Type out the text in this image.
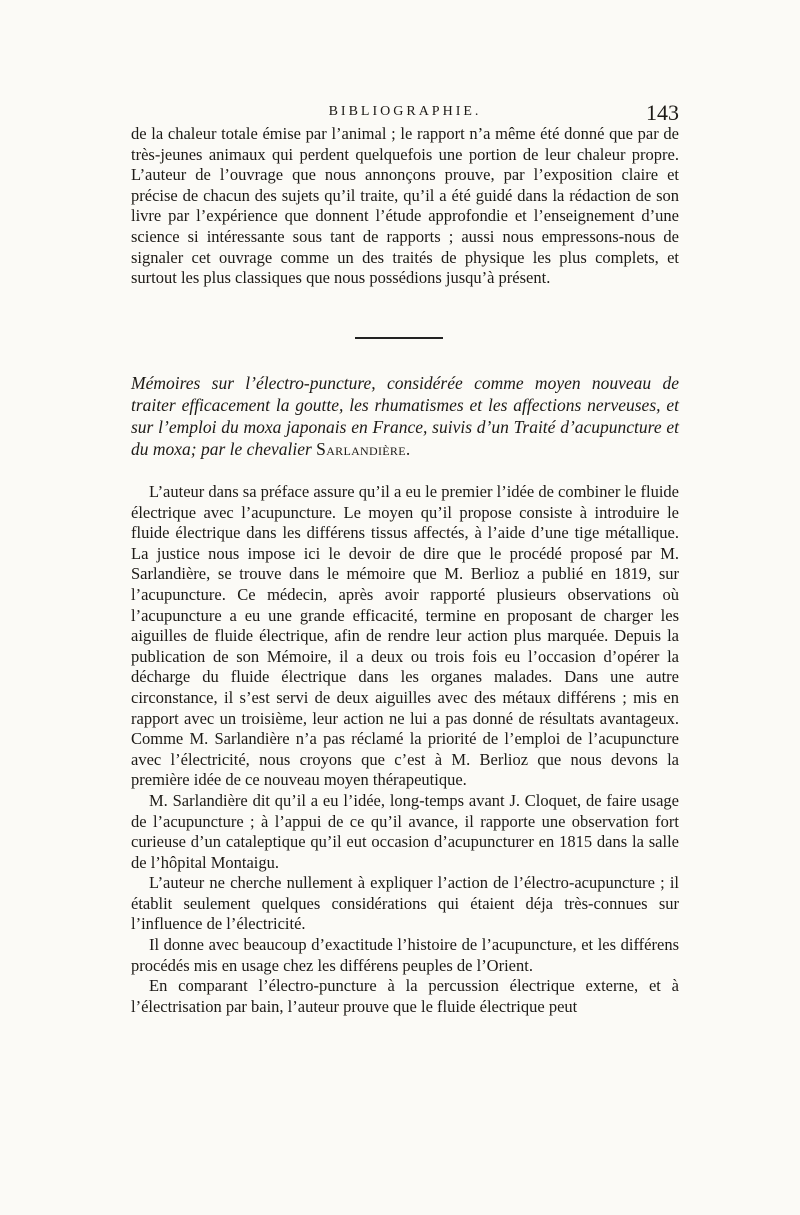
BIBLIOGRAPHIE.	143

de la chaleur totale émise par l’animal ; le rapport n’a même été donné que par de très-jeunes animaux qui perdent quelquefois une portion de leur chaleur propre. L’auteur de l’ouvrage que nous annonçons prouve, par l’exposition claire et précise de chacun des sujets qu’il traite, qu’il a été guidé dans la rédaction de son livre par l’expérience que donnent l’étude approfondie et l’enseignement d’une science si intéressante sous tant de rapports ; aussi nous empressons-nous de signaler cet ouvrage comme un des traités de physique les plus complets, et surtout les plus classiques que nous possédions jusqu’à présent.

Mémoires sur l’électro-puncture, considérée comme moyen nouveau de traiter efficacement la goutte, les rhumatismes et les affections nerveuses, et sur l’emploi du moxa japonais en France, suivis d’un Traité d’acupuncture et du moxa; par le chevalier Sarlandière.

L’auteur dans sa préface assure qu’il a eu le premier l’idée de combiner le fluide électrique avec l’acupuncture. Le moyen qu’il propose consiste à introduire le fluide électrique dans les différens tissus affectés, à l’aide d’une tige métallique. La justice nous impose ici le devoir de dire que le procédé proposé par M. Sarlandière, se trouve dans le mémoire que M. Berlioz a publié en 1819, sur l’acupuncture. Ce médecin, après avoir rapporté plusieurs observations où l’acupuncture a eu une grande efficacité, termine en proposant de charger les aiguilles de fluide électrique, afin de rendre leur action plus marquée. Depuis la publication de son Mémoire, il a deux ou trois fois eu l’occasion d’opérer la décharge du fluide électrique dans les organes malades. Dans une autre circonstance, il s’est servi de deux aiguilles avec des métaux différens ; mis en rapport avec un troisième, leur action ne lui a pas donné de résultats avantageux. Comme M. Sarlandière n’a pas réclamé la priorité de l’emploi de l’acupuncture avec l’électricité, nous croyons que c’est à M. Berlioz que nous devons la première idée de ce nouveau moyen thérapeutique.

M. Sarlandière dit qu’il a eu l’idée, long-temps avant J. Cloquet, de faire usage de l’acupuncture ; à l’appui de ce qu’il avance, il rapporte une observation fort curieuse d’un cataleptique qu’il eut occasion d’acupuncturer en 1815 dans la salle de l’hôpital Montaigu.

L’auteur ne cherche nullement à expliquer l’action de l’électro-acupuncture ; il établit seulement quelques considérations qui étaient déja très-connues sur l’influence de l’électricité.

Il donne avec beaucoup d’exactitude l’histoire de l’acupuncture, et les différens procédés mis en usage chez les différens peuples de l’Orient.

En comparant l’électro-puncture à la percussion électrique externe, et à l’électrisation par bain, l’auteur prouve que le fluide électrique peut
